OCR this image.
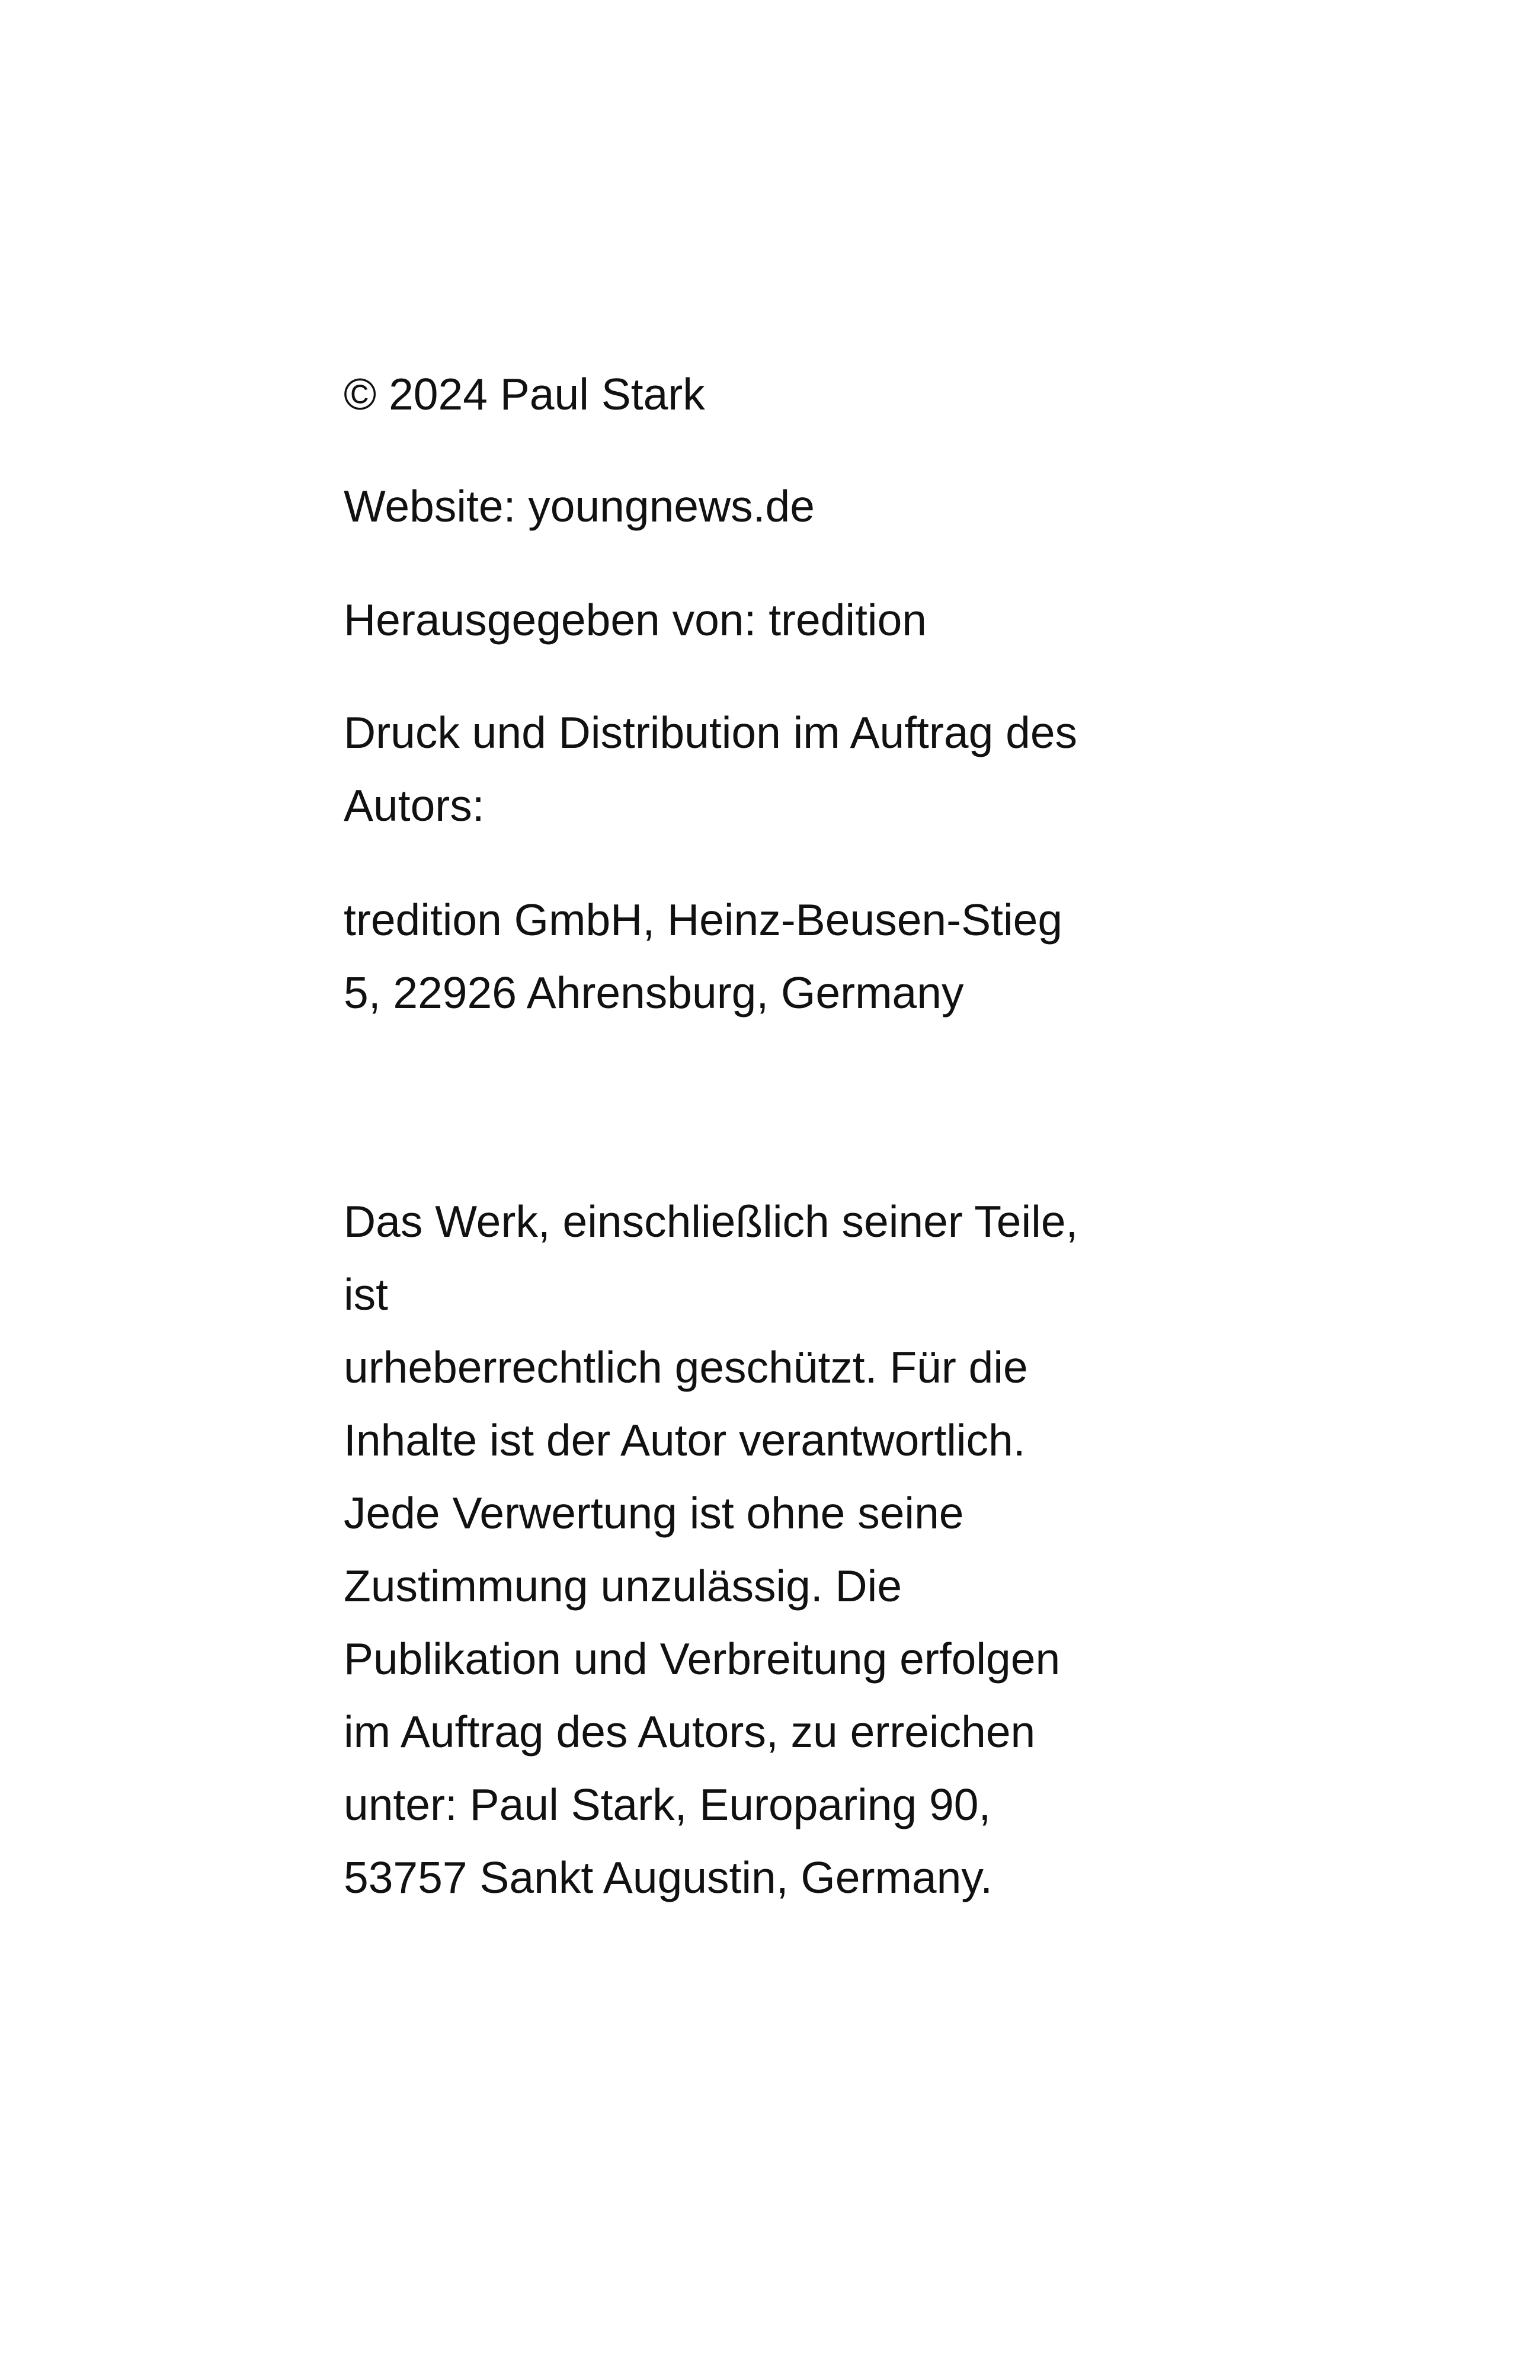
© 2024 Paul Stark
Website: youngnews.de
Herausgegeben von: tredition
Druck und Distribution im Auftrag des
Autors:
tredition GmbH, Heinz-Beusen-Stieg
5, 22926 Ahrensburg, Germany
Das Werk, einschließlich seiner Teile,
ist
urheberrechtlich geschützt. Für die
Inhalte ist der Autor verantwortlich.
Jede Verwertung ist ohne seine
Zustimmung unzulässig. Die
Publikation und Verbreitung erfolgen
im Auftrag des Autors, zu erreichen
unter: Paul Stark, Europaring 90,
53757 Sankt Augustin, Germany.
